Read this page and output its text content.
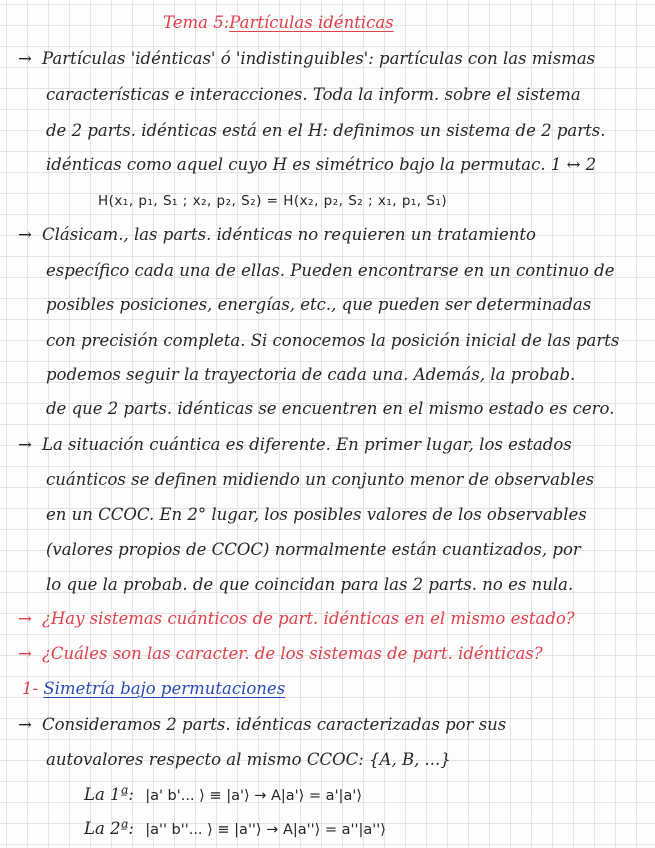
Tema 5:Partículas idénticas
→ Partículas 'idénticas' ó 'indistinguibles': partículas con las mismas
características e interacciones. Toda la inform. sobre el sistema
de 2 parts. idénticas está en el H: definimos un sistema de 2 parts.
idénticas como aquel cuyo H es simétrico bajo la permutac. 1 ↔ 2
H(x₁, p₁, S₁ ; x₂, p₂, S₂) = H(x₂, p₂, S₂ ; x₁, p₁, S₁)
→ Clásicam., las parts. idénticas no requieren un tratamiento
específico cada una de ellas. Pueden encontrarse en un continuo de
posibles posiciones, energías, etc., que pueden ser determinadas
con precisión completa. Si conocemos la posición inicial de las parts
podemos seguir la trayectoria de cada una. Además, la probab.
de que 2 parts. idénticas se encuentren en el mismo estado es cero.
→ La situación cuántica es diferente. En primer lugar, los estados
cuánticos se definen midiendo un conjunto menor de observables
en un CCOC. En 2° lugar, los posibles valores de los observables
(valores propios de CCOC) normalmente están cuantizados, por
lo que la probab. de que coincidan para las 2 parts. no es nula.
→ ¿Hay sistemas cuánticos de part. idénticas en el mismo estado?
→ ¿Cuáles son las caracter. de los sistemas de part. idénticas?
1- Simetría bajo permutaciones
→ Consideramos 2 parts. idénticas caracterizadas por sus
autovalores respecto al mismo CCOC: {A, B, ...}
La 1ª: |a' b'... ⟩ ≡ |a'⟩ → A|a'⟩ = a'|a'⟩
La 2ª: |a'' b''... ⟩ ≡ |a''⟩ → A|a''⟩ = a''|a''⟩
